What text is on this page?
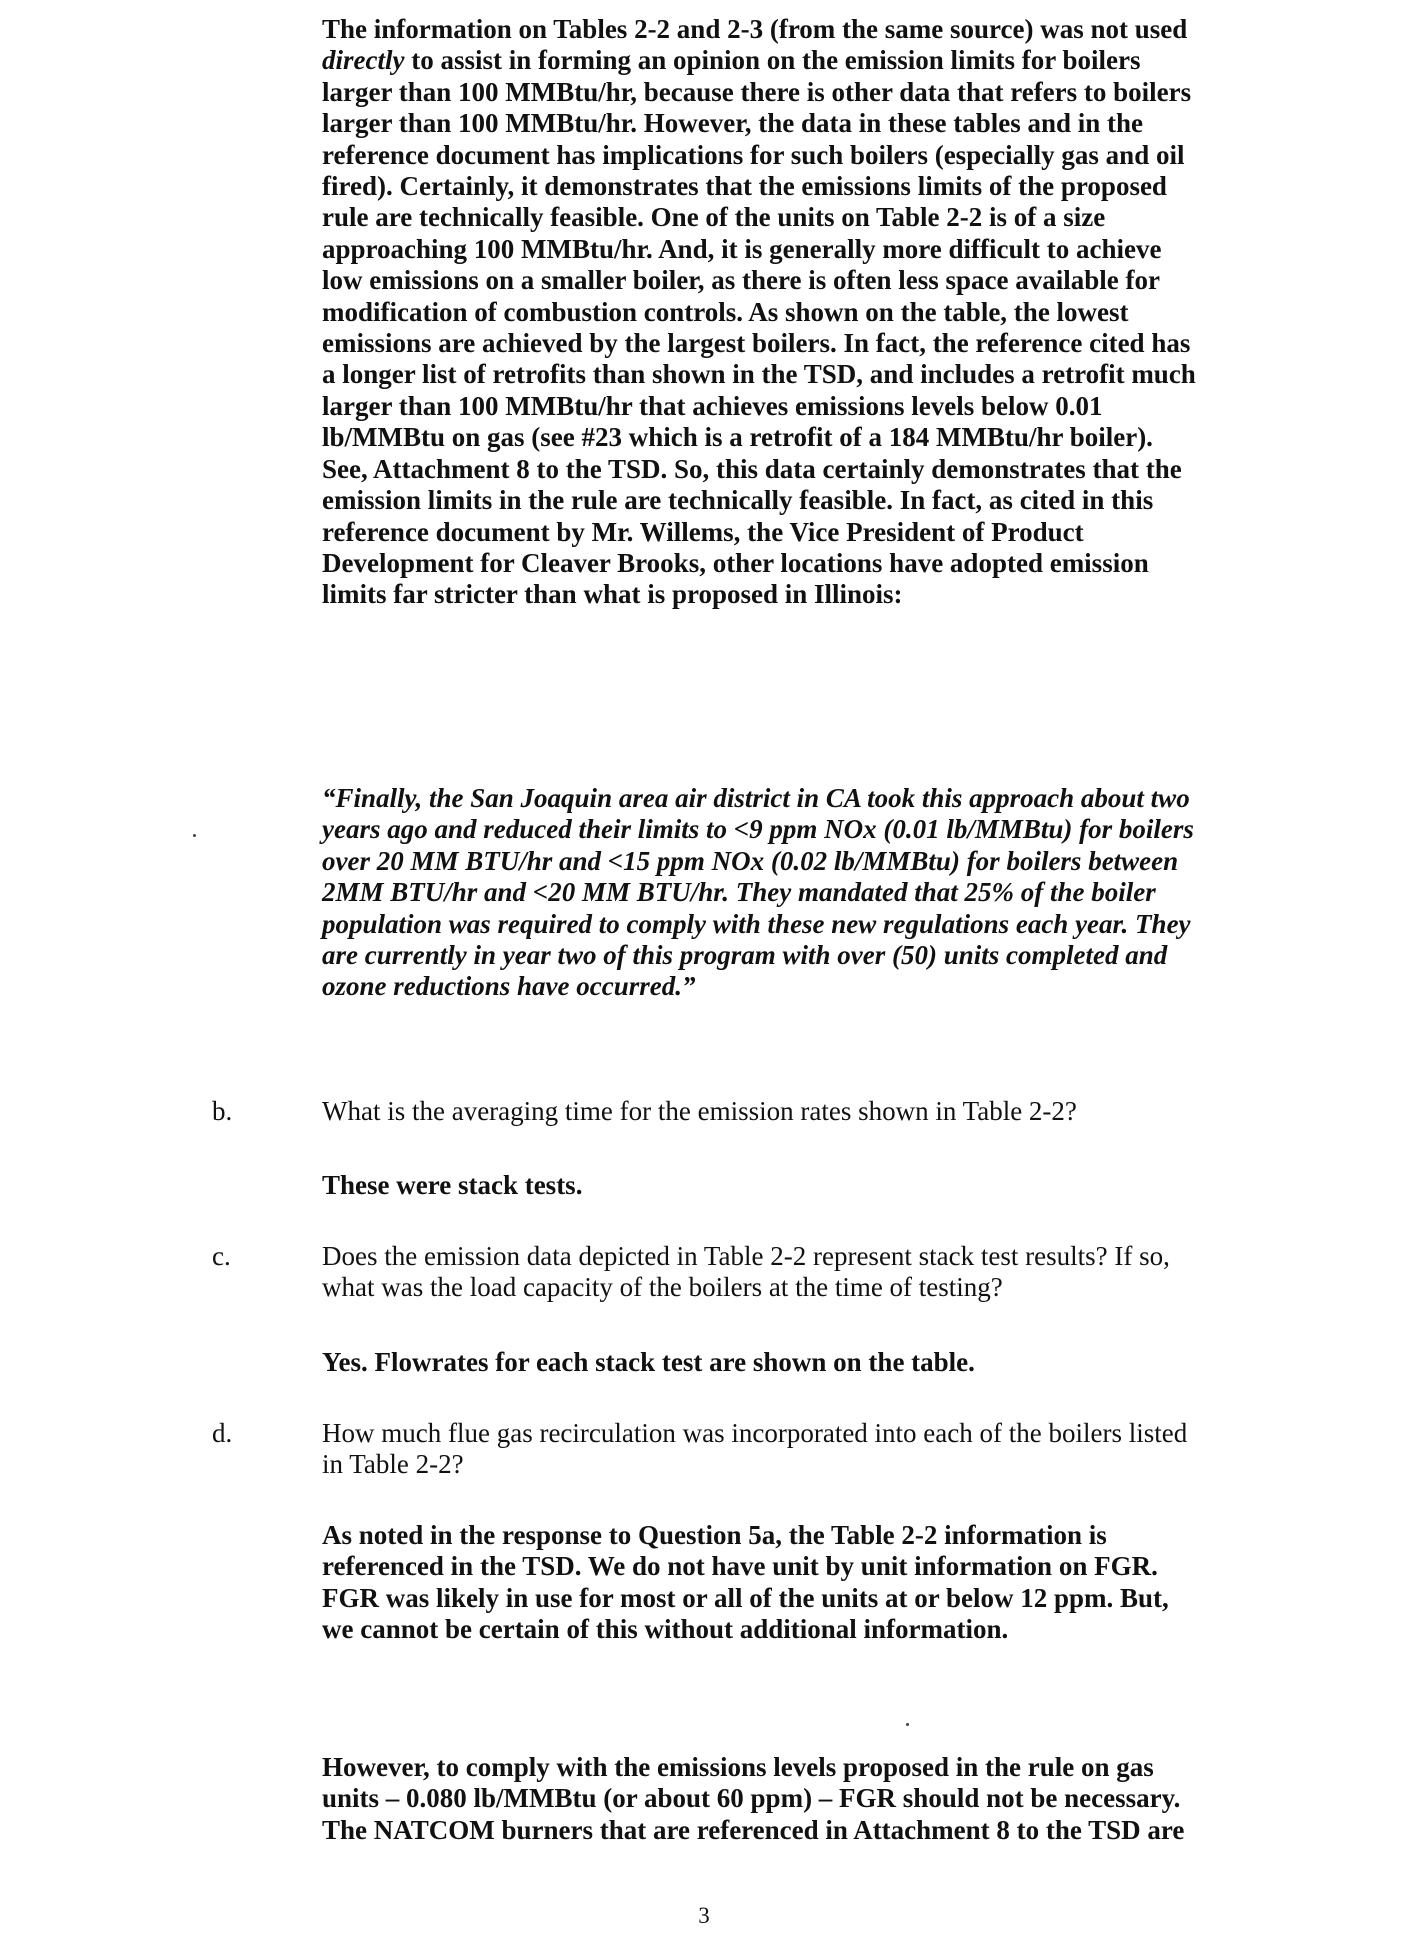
The information on Tables 2-2 and 2-3 (from the same source) was not used
directly to assist in forming an opinion on the emission limits for boilers
larger than 100 MMBtu/hr, because there is other data that refers to boilers
larger than 100 MMBtu/hr. However, the data in these tables and in the
reference document has implications for such boilers (especially gas and oil
fired). Certainly, it demonstrates that the emissions limits of the proposed
rule are technically feasible. One of the units on Table 2-2 is of a size
approaching 100 MMBtu/hr. And, it is generally more difficult to achieve
low emissions on a smaller boiler, as there is often less space available for
modification of combustion controls. As shown on the table, the lowest
emissions are achieved by the largest boilers. In fact, the reference cited has
a longer list of retrofits than shown in the TSD, and includes a retrofit much
larger than 100 MMBtu/hr that achieves emissions levels below 0.01
lb/MMBtu on gas (see #23 which is a retrofit of a 184 MMBtu/hr boiler).
See, Attachment 8 to the TSD. So, this data certainly demonstrates that the
emission limits in the rule are technically feasible. In fact, as cited in this
reference document by Mr. Willems, the Vice President of Product
Development for Cleaver Brooks, other locations have adopted emission
limits far stricter than what is proposed in Illinois:
“Finally, the San Joaquin area air district in CA took this approach about two
years ago and reduced their limits to <9 ppm NOx (0.01 lb/MMBtu) for boilers
over 20 MM BTU/hr and <15 ppm NOx (0.02 lb/MMBtu) for boilers between
2MM BTU/hr and <20 MM BTU/hr. They mandated that 25% of the boiler
population was required to comply with these new regulations each year. They
are currently in year two of this program with over (50) units completed and
ozone reductions have occurred.”
b.	What is the averaging time for the emission rates shown in Table 2-2?
These were stack tests.
c.	Does the emission data depicted in Table 2-2 represent stack test results? If so,
what was the load capacity of the boilers at the time of testing?
Yes. Flowrates for each stack test are shown on the table.
d.	How much flue gas recirculation was incorporated into each of the boilers listed
in Table 2-2?
As noted in the response to Question 5a, the Table 2-2 information is
referenced in the TSD. We do not have unit by unit information on FGR.
FGR was likely in use for most or all of the units at or below 12 ppm. But,
we cannot be certain of this without additional information.
However, to comply with the emissions levels proposed in the rule on gas
units – 0.080 lb/MMBtu (or about 60 ppm) – FGR should not be necessary.
The NATCOM burners that are referenced in Attachment 8 to the TSD are
3
